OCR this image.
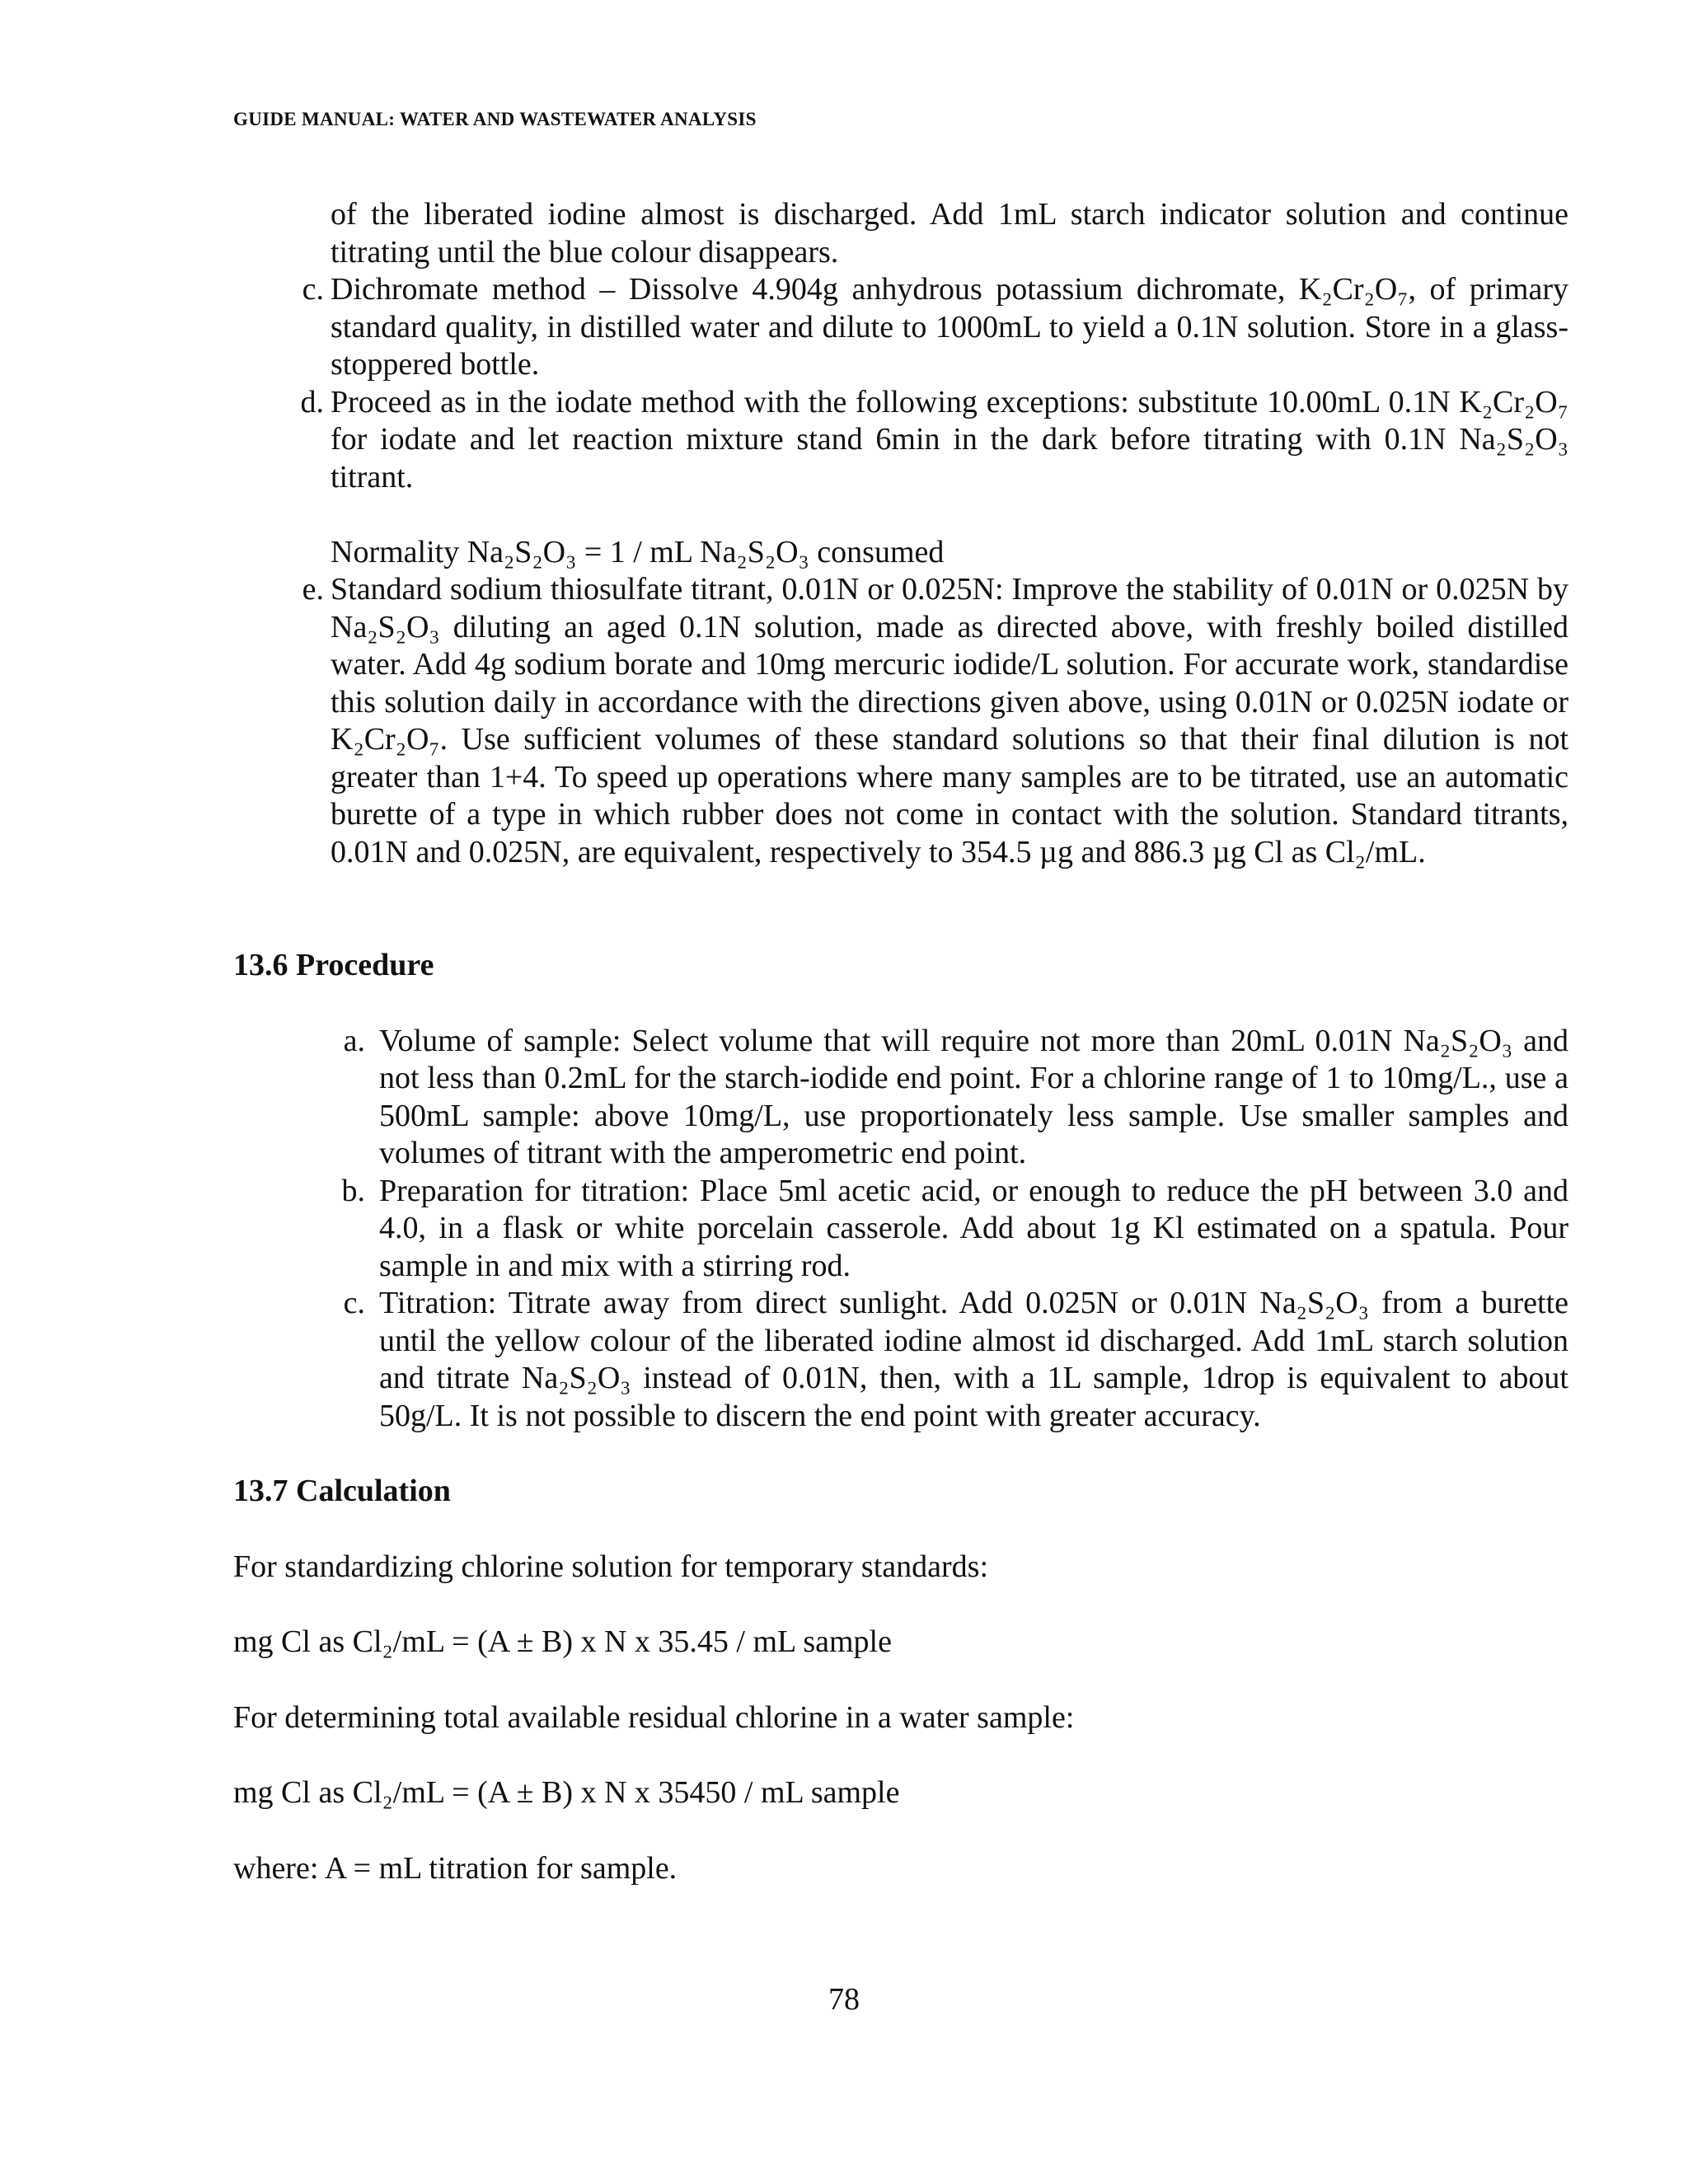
GUIDE MANUAL: WATER AND WASTEWATER ANALYSIS

of the liberated iodine almost is discharged. Add 1mL starch indicator solution and continue titrating until the blue colour disappears.

c. Dichromate method – Dissolve 4.904g anhydrous potassium dichromate, K₂Cr₂O₇, of primary standard quality, in distilled water and dilute to 1000mL to yield a 0.1N solution. Store in a glass-stoppered bottle.
d. Proceed as in the iodate method with the following exceptions: substitute 10.00mL 0.1N K₂Cr₂O₇ for iodate and let reaction mixture stand 6min in the dark before titrating with 0.1N Na₂S₂O₃ titrant.

Normality Na₂S₂O₃ = 1 / mL Na₂S₂O₃ consumed

e. Standard sodium thiosulfate titrant, 0.01N or 0.025N: Improve the stability of 0.01N or 0.025N by Na₂S₂O₃ diluting an aged 0.1N solution, made as directed above, with freshly boiled distilled water. Add 4g sodium borate and 10mg mercuric iodide/L solution. For accurate work, standardise this solution daily in accordance with the directions given above, using 0.01N or 0.025N iodate or K₂Cr₂O₇. Use sufficient volumes of these standard solutions so that their final dilution is not greater than 1+4. To speed up operations where many samples are to be titrated, use an automatic burette of a type in which rubber does not come in contact with the solution. Standard titrants, 0.01N and 0.025N, are equivalent, respectively to 354.5 µg and 886.3 µg Cl as Cl₂/mL.

13.6 Procedure

a. Volume of sample: Select volume that will require not more than 20mL 0.01N Na₂S₂O₃ and not less than 0.2mL for the starch-iodide end point. For a chlorine range of 1 to 10mg/L., use a 500mL sample: above 10mg/L, use proportionately less sample. Use smaller samples and volumes of titrant with the amperometric end point.
b. Preparation for titration: Place 5ml acetic acid, or enough to reduce the pH between 3.0 and 4.0, in a flask or white porcelain casserole. Add about 1g Kl estimated on a spatula. Pour sample in and mix with a stirring rod.
c. Titration: Titrate away from direct sunlight. Add 0.025N or 0.01N Na₂S₂O₃ from a burette until the yellow colour of the liberated iodine almost id discharged. Add 1mL starch solution and titrate Na₂S₂O₃ instead of 0.01N, then, with a 1L sample, 1drop is equivalent to about 50g/L. It is not possible to discern the end point with greater accuracy.

13.7 Calculation

For standardizing chlorine solution for temporary standards:

mg Cl as Cl₂/mL = (A ± B) x N x 35.45 / mL sample

For determining total available residual chlorine in a water sample:

mg Cl as Cl₂/mL = (A ± B) x N x 35450 / mL sample

where: A = mL titration for sample.

78
